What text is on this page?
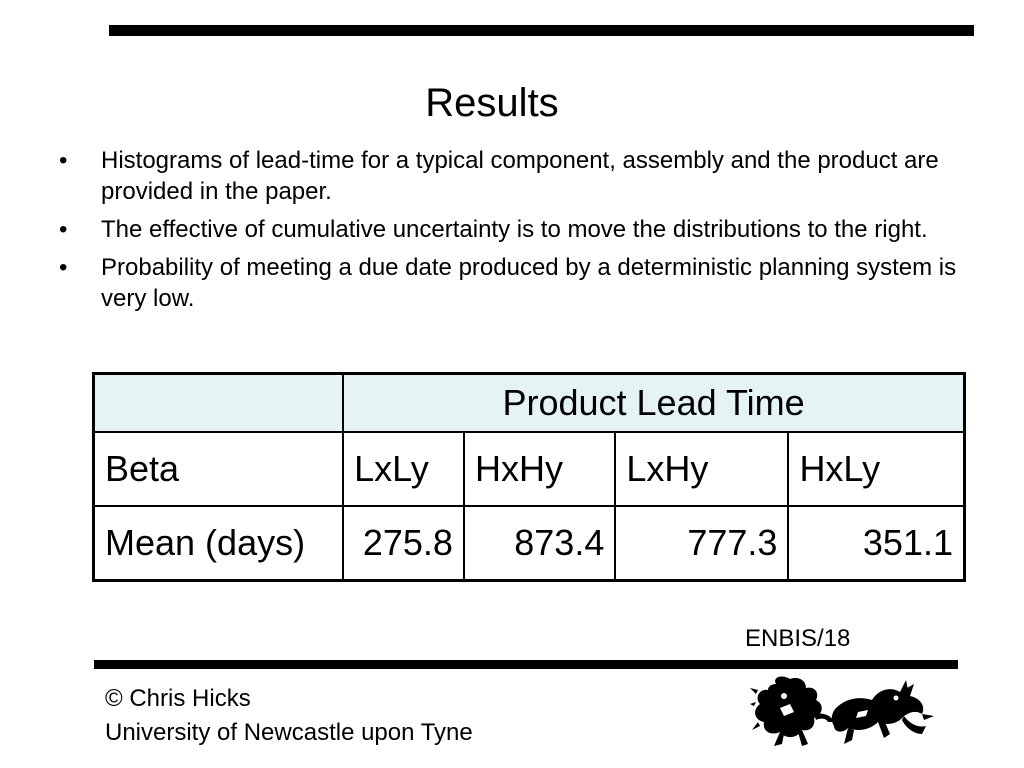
Results
• Histograms of lead-time for a typical component, assembly and the product are provided in the paper.
• The effective of cumulative uncertainty is to move the distributions to the right.
• Probability of meeting a due date produced by a deterministic planning system is very low.
	Product Lead Time			
Beta	LxLy	HxHy	LxHy	HxLy
Mean (days)	275.8	873.4	777.3	351.1
ENBIS/18
© Chris Hicks
University of Newcastle upon Tyne
